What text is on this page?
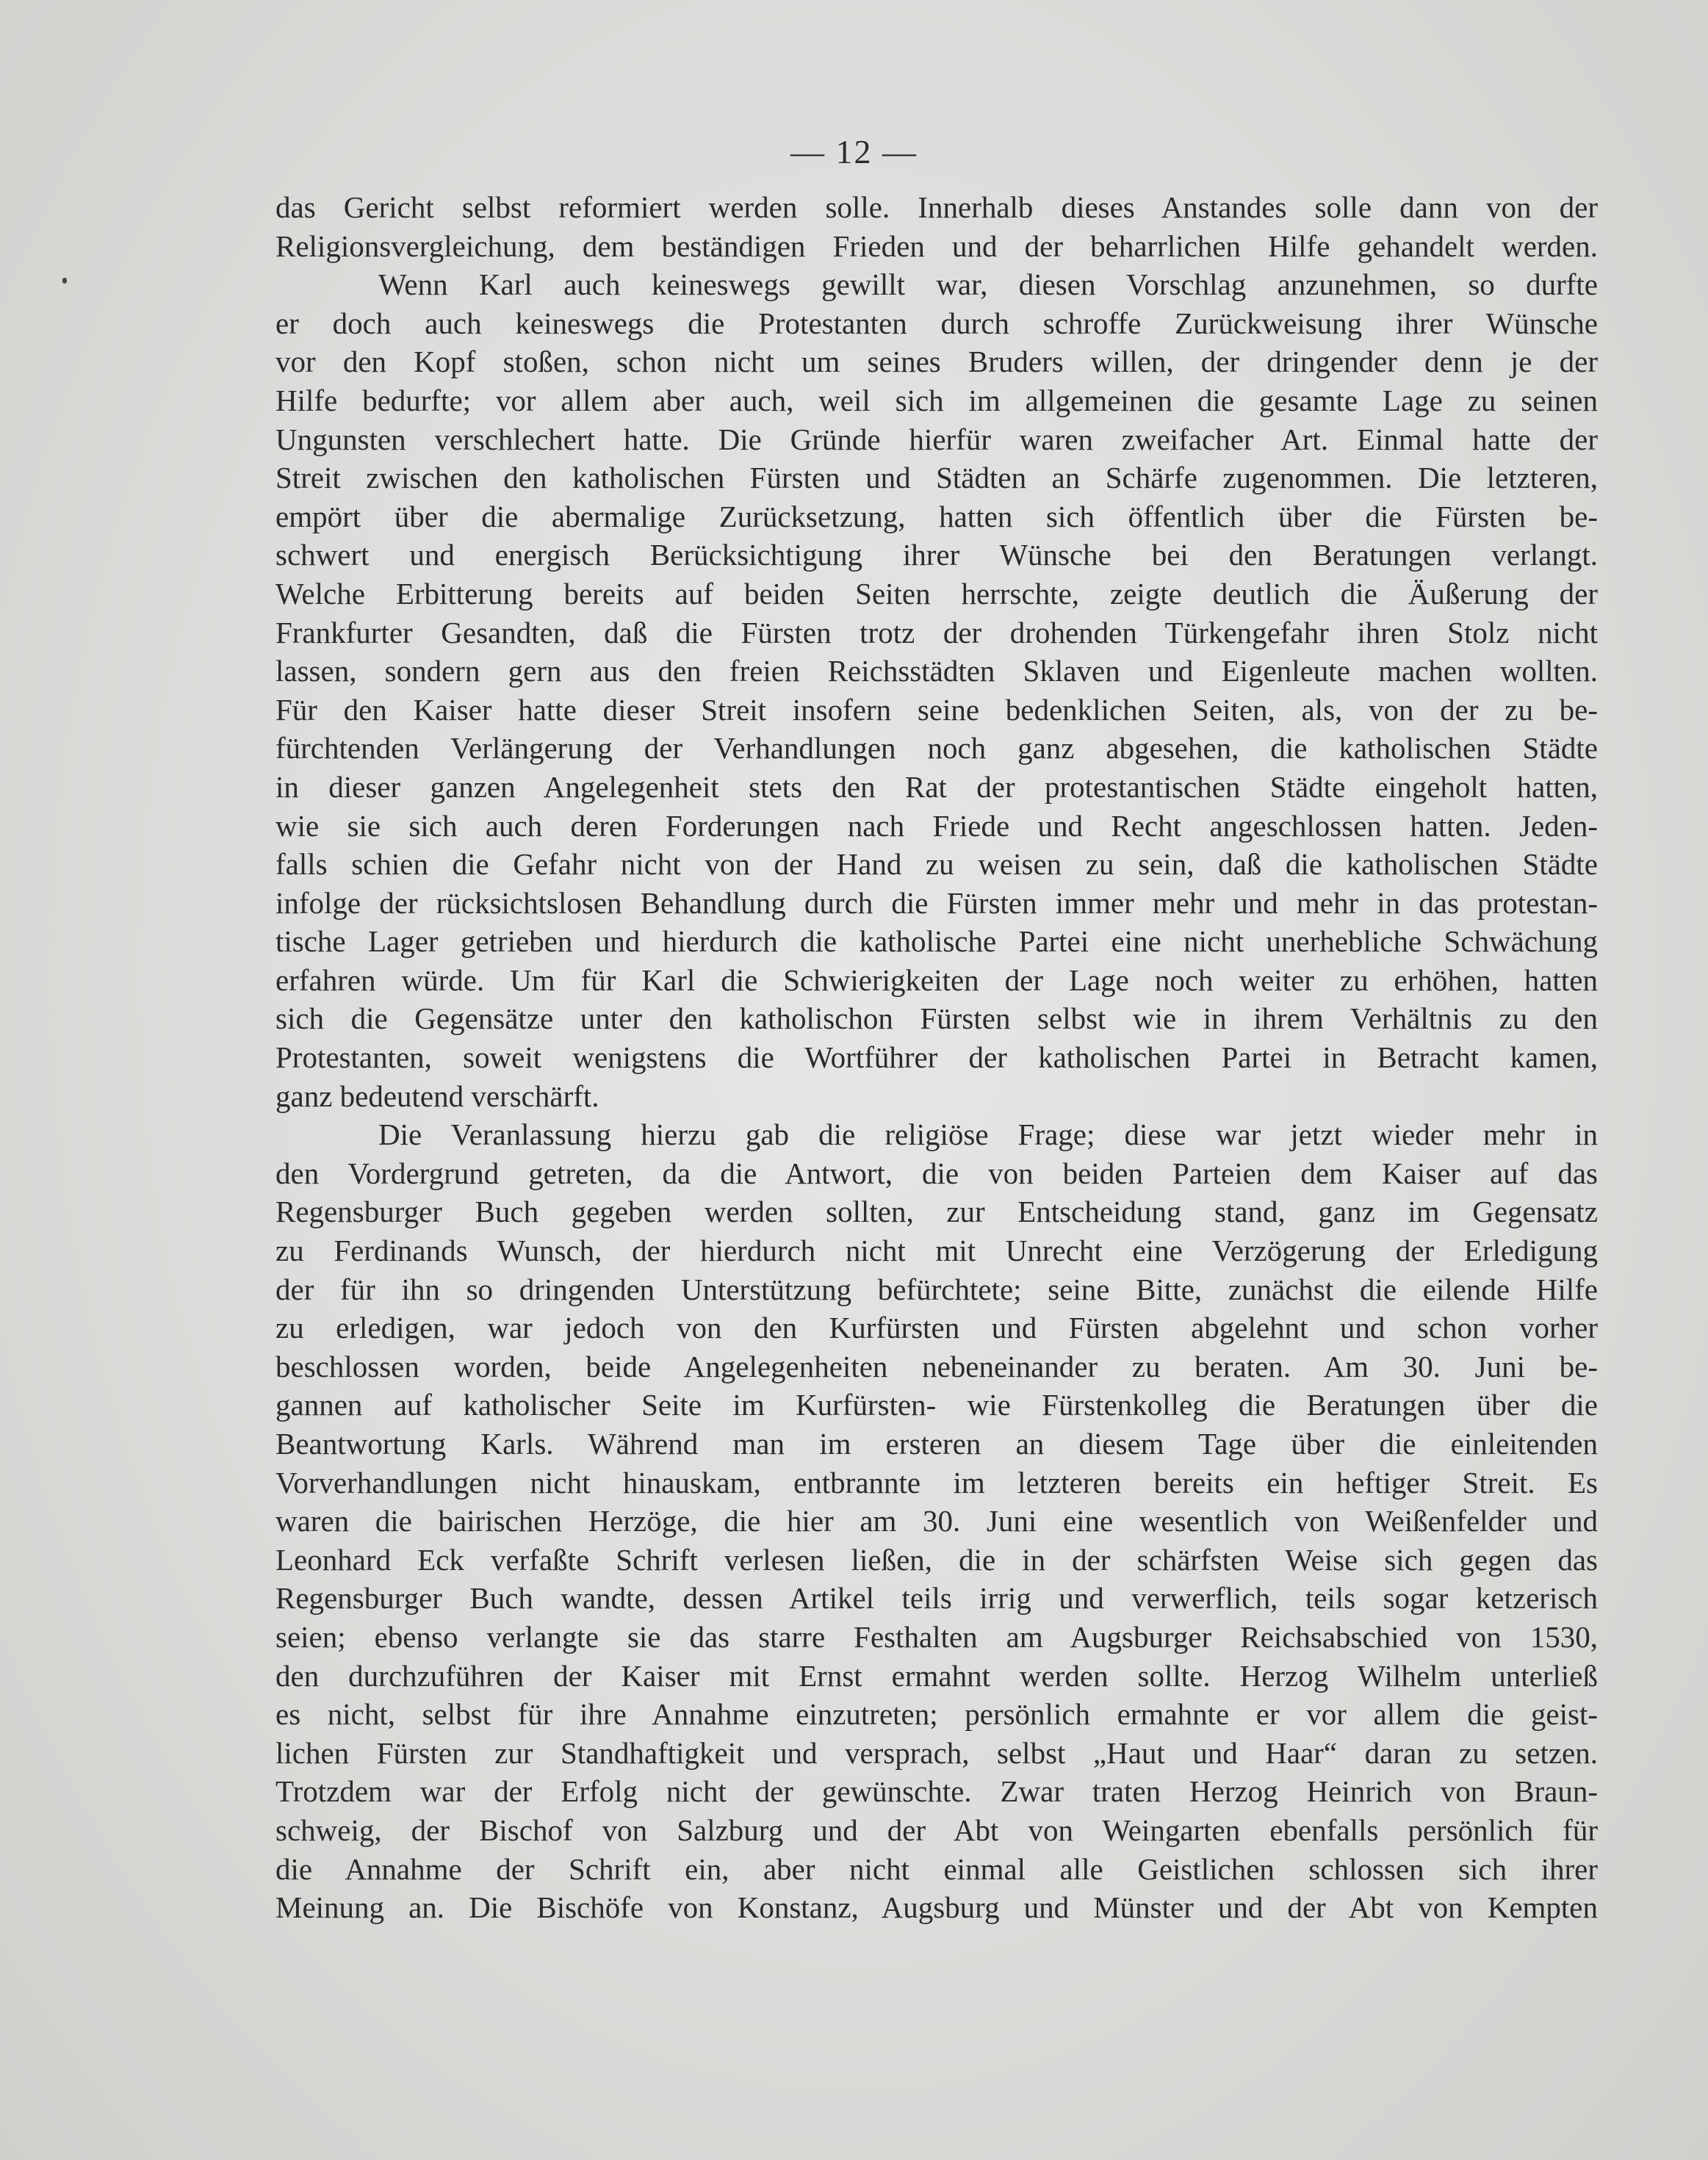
— 12 —
das Gericht selbst reformiert werden solle. Innerhalb dieses Anstandes solle dann von der
Religionsvergleichung, dem beständigen Frieden und der beharrlichen Hilfe gehandelt werden.
Wenn Karl auch keineswegs gewillt war, diesen Vorschlag anzunehmen, so durfte
er doch auch keineswegs die Protestanten durch schroffe Zurückweisung ihrer Wünsche
vor den Kopf stoßen, schon nicht um seines Bruders willen, der dringender denn je der
Hilfe bedurfte; vor allem aber auch, weil sich im allgemeinen die gesamte Lage zu seinen
Ungunsten verschlechert hatte. Die Gründe hierfür waren zweifacher Art. Einmal hatte der
Streit zwischen den katholischen Fürsten und Städten an Schärfe zugenommen. Die letzteren,
empört über die abermalige Zurücksetzung, hatten sich öffentlich über die Fürsten be-
schwert und energisch Berücksichtigung ihrer Wünsche bei den Beratungen verlangt.
Welche Erbitterung bereits auf beiden Seiten herrschte, zeigte deutlich die Äußerung der
Frankfurter Gesandten, daß die Fürsten trotz der drohenden Türkengefahr ihren Stolz nicht
lassen, sondern gern aus den freien Reichsstädten Sklaven und Eigenleute machen wollten.
Für den Kaiser hatte dieser Streit insofern seine bedenklichen Seiten, als, von der zu be-
fürchtenden Verlängerung der Verhandlungen noch ganz abgesehen, die katholischen Städte
in dieser ganzen Angelegenheit stets den Rat der protestantischen Städte eingeholt hatten,
wie sie sich auch deren Forderungen nach Friede und Recht angeschlossen hatten. Jeden-
falls schien die Gefahr nicht von der Hand zu weisen zu sein, daß die katholischen Städte
infolge der rücksichtslosen Behandlung durch die Fürsten immer mehr und mehr in das protestan-
tische Lager getrieben und hierdurch die katholische Partei eine nicht unerhebliche Schwächung
erfahren würde. Um für Karl die Schwierigkeiten der Lage noch weiter zu erhöhen, hatten
sich die Gegensätze unter den katholischon Fürsten selbst wie in ihrem Verhältnis zu den
Protestanten, soweit wenigstens die Wortführer der katholischen Partei in Betracht kamen,
ganz bedeutend verschärft.
Die Veranlassung hierzu gab die religiöse Frage; diese war jetzt wieder mehr in
den Vordergrund getreten, da die Antwort, die von beiden Parteien dem Kaiser auf das
Regensburger Buch gegeben werden sollten, zur Entscheidung stand, ganz im Gegensatz
zu Ferdinands Wunsch, der hierdurch nicht mit Unrecht eine Verzögerung der Erledigung
der für ihn so dringenden Unterstützung befürchtete; seine Bitte, zunächst die eilende Hilfe
zu erledigen, war jedoch von den Kurfürsten und Fürsten abgelehnt und schon vorher
beschlossen worden, beide Angelegenheiten nebeneinander zu beraten. Am 30. Juni be-
gannen auf katholischer Seite im Kurfürsten- wie Fürstenkolleg die Beratungen über die
Beantwortung Karls. Während man im ersteren an diesem Tage über die einleitenden
Vorverhandlungen nicht hinauskam, entbrannte im letzteren bereits ein heftiger Streit. Es
waren die bairischen Herzöge, die hier am 30. Juni eine wesentlich von Weißenfelder und
Leonhard Eck verfaßte Schrift verlesen ließen, die in der schärfsten Weise sich gegen das
Regensburger Buch wandte, dessen Artikel teils irrig und verwerflich, teils sogar ketzerisch
seien; ebenso verlangte sie das starre Festhalten am Augsburger Reichsabschied von 1530,
den durchzuführen der Kaiser mit Ernst ermahnt werden sollte. Herzog Wilhelm unterließ
es nicht, selbst für ihre Annahme einzutreten; persönlich ermahnte er vor allem die geist-
lichen Fürsten zur Standhaftigkeit und versprach, selbst „Haut und Haar“ daran zu setzen.
Trotzdem war der Erfolg nicht der gewünschte. Zwar traten Herzog Heinrich von Braun-
schweig, der Bischof von Salzburg und der Abt von Weingarten ebenfalls persönlich für
die Annahme der Schrift ein, aber nicht einmal alle Geistlichen schlossen sich ihrer
Meinung an. Die Bischöfe von Konstanz, Augsburg und Münster und der Abt von Kempten
